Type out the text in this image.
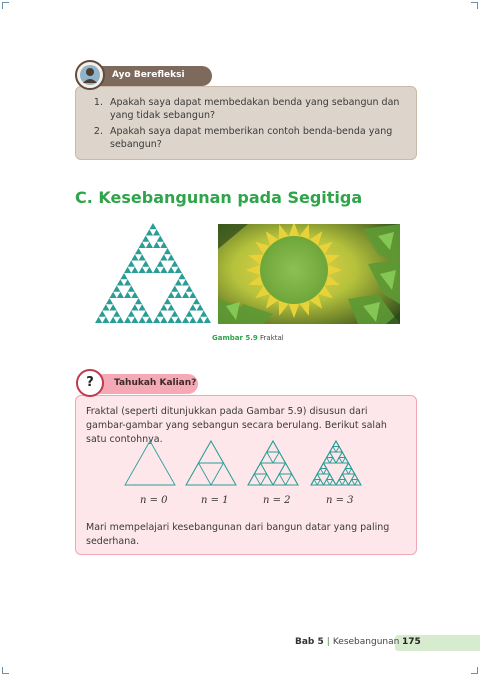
1. Apakah saya dapat membedakan benda yang sebangun dan yang tidak sebangun?
2. Apakah saya dapat memberikan contoh benda-benda yang sebangun?
Ayo Berefleksi
C. Kesebangunan pada Segitiga
Gambar 5.9 Fraktal
Tahukah Kalian?
?
Fraktal (seperti ditunjukkan pada Gambar 5.9) disusun dari gambar-gambar yang sebangun secara berulang. Berikut salah satu contohnya.
n = 0	n = 1	n = 2	n = 3
Mari mempelajari kesebangunan dari bangun datar yang paling sederhana.
Bab 5 | Kesebangunan 175
